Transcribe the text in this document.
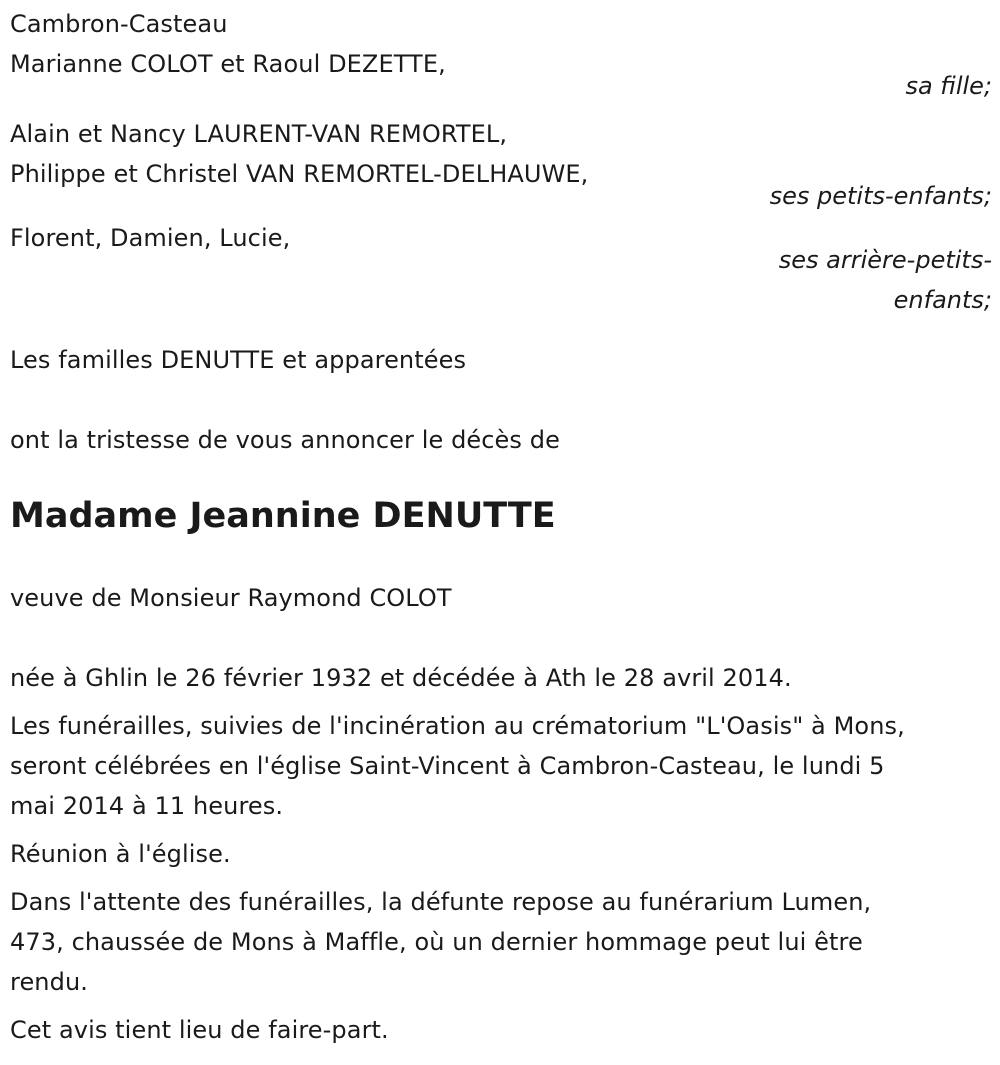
Cambron-Casteau
Marianne COLOT et Raoul DEZETTE,
sa fille;
Alain et Nancy LAURENT-VAN REMORTEL,
Philippe et Christel VAN REMORTEL-DELHAUWE,
ses petits-enfants;
Florent, Damien, Lucie,
ses arrière-petits-
enfants;
Les familles DENUTTE et apparentées
ont la tristesse de vous annoncer le décès de
Madame Jeannine DENUTTE
veuve de Monsieur Raymond COLOT
née à Ghlin le 26 février 1932 et décédée à Ath le 28 avril 2014.
Les funérailles, suivies de l'incinération au crématorium "L'Oasis" à Mons,
seront célébrées en l'église Saint-Vincent à Cambron-Casteau, le lundi 5
mai 2014 à 11 heures.
Réunion à l'église.
Dans l'attente des funérailles, la défunte repose au funérarium Lumen,
473, chaussée de Mons à Maffle, où un dernier hommage peut lui être
rendu.
Cet avis tient lieu de faire-part.
